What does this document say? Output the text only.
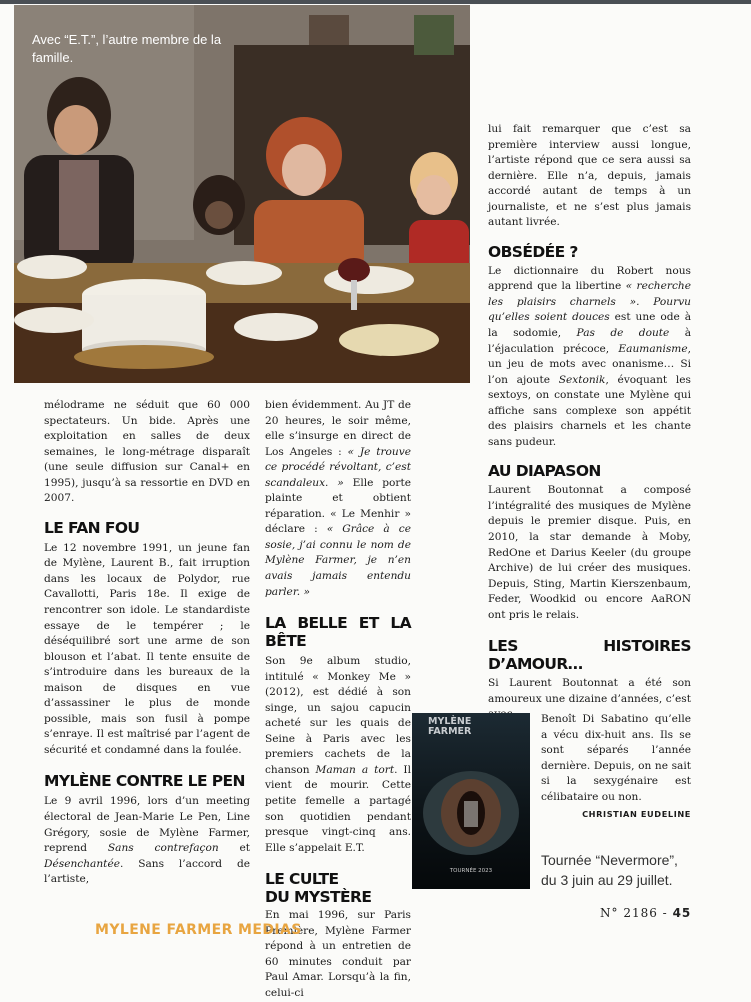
Avec “E.T.”, l’autre membre de la famille.

mélodrame ne séduit que 60 000 spectateurs. Un bide. Après une exploitation en salles de deux semaines, le long-métrage disparaît (une seule diffusion sur Canal+ en 1995), jusqu’à sa ressortie en DVD en 2007.

LE FAN FOU

Le 12 novembre 1991, un jeune fan de Mylène, Laurent B., fait irruption dans les locaux de Polydor, rue Cavallotti, Paris 18e. Il exige de rencontrer son idole. Le standardiste essaye de le tempérer ; le déséquilibré sort une arme de son blouson et l’abat. Il tente ensuite de s’introduire dans les bureaux de la maison de disques en vue d’assassiner le plus de monde possible, mais son fusil à pompe s’enraye. Il est maîtrisé par l’agent de sécurité et condamné dans la foulée.

MYLÈNE CONTRE LE PEN

Le 9 avril 1996, lors d’un meeting électoral de Jean-Marie Le Pen, Line Grégory, sosie de Mylène Farmer, reprend Sans contrefaçon et Désenchantée. Sans l’accord de l’artiste,

bien évidemment. Au JT de 20 heures, le soir même, elle s’insurge en direct de Los Angeles : « Je trouve ce procédé révoltant, c’est scandaleux. » Elle porte plainte et obtient réparation. « Le Menhir » déclare : « Grâce à ce sosie, j’ai connu le nom de Mylène Farmer, je n’en avais jamais entendu parler. »

LA BELLE ET LA BÊTE

Son 9e album studio, intitulé « Monkey Me » (2012), est dédié à son singe, un sajou capucin acheté sur les quais de Seine à Paris avec les premiers cachets de la chanson Maman a tort. Il vient de mourir. Cette petite femelle a partagé son quotidien pendant presque vingt-cinq ans. Elle s’appelait E.T.

LE CULTE
DU MYSTÈRE

En mai 1996, sur Paris Première, Mylène Farmer répond à un entretien de 60 minutes conduit par Paul Amar. Lorsqu’à la fin, celui-ci

lui fait remarquer que c’est sa première interview aussi longue, l’artiste répond que ce sera aussi sa dernière. Elle n’a, depuis, jamais accordé autant de temps à un journaliste, et ne s’est plus jamais autant livrée.

OBSÉDÉE ?

Le dictionnaire du Robert nous apprend que la libertine « recherche les plaisirs charnels ». Pourvu qu’elles soient douces est une ode à la sodomie, Pas de doute à l’éjaculation précoce, Eaumanisme, un jeu de mots avec onanisme… Si l’on ajoute Sextonik, évoquant les sextoys, on constate une Mylène qui affiche sans complexe son appétit des plaisirs charnels et les chante sans pudeur.

AU DIAPASON

Laurent Boutonnat a composé l’intégralité des musiques de Mylène depuis le premier disque. Puis, en 2010, la star demande à Moby, RedOne et Darius Keeler (du groupe Archive) de lui créer des musiques. Depuis, Sting, Martin Kierszenbaum, Feder, Woodkid ou encore AaRON ont pris le relais.

LES HISTOIRES D’AMOUR…

Si Laurent Boutonnat a été son amoureux une dizaine d’années, c’est

Benoît Di Sabatino qu’elle a vécu dix-huit ans. Ils se sont séparés l’année dernière. Depuis, on ne sait si la sexygénaire est célibataire ou non.

CHRISTIAN EUDELINE
MYLÈNE
FARMER
TOURNÉE 2023
Tournée “Nevermore”,
du 3 juin au 29 juillet.
N° 2186 - 45
MYLENE FARMER MEDIAS
